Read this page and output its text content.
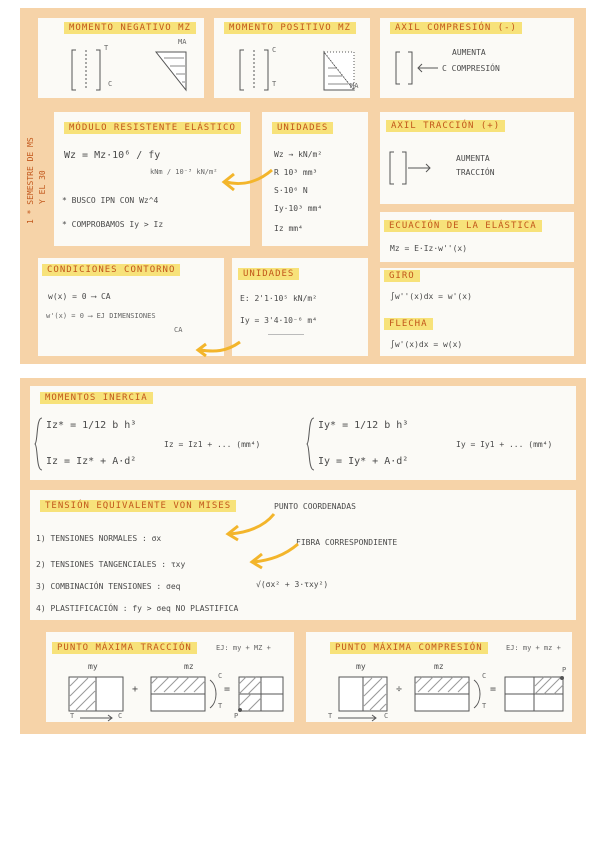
MOMENTO NEGATIVO MZ
T
C
MA
MOMENTO POSITIVO MZ
C
T	MA
AXIL COMPRESIÓN (-)
AUMENTA
C COMPRESIÓN
MÓDULO RESISTENTE ELÁSTICO
Wz = Mz·10⁶ / fy
kNm / 10⁻³ kN/m²
* BUSCO IPN CON Wz^4
* COMPROBAMOS Iy > Iz
1 * SEMESTRE DE MS Y EL 30
UNIDADES
Wz → kN/m²
R 10³ mm³
S·10⁶ N
Iy·10³ mm⁴
Iz mm⁴
AXIL TRACCIÓN (+)
AUMENTA
TRACCIÓN
ECUACIÓN DE LA ELÁSTICA
Mz = E·Iz·w''(x)
CONDICIONES CONTORNO
w(x) = 0 ⟶ CA
w'(x) = 0 ⟶ EJ DIMENSIONES
CA
UNIDADES
E: 2'1·10⁵ kN/m²
Iy = 3'4·10⁻⁶ m⁴
GIRO
∫w''(x)dx = w'(x)
FLECHA
∫w'(x)dx = w(x)
MOMENTOS INERCIA
Iz* = 1/12 b h³
Iz = Iz* + A·d²
Iz = Iz1 + ... (mm⁴)
Iy* = 1/12 b h³
Iy = Iy* + A·d²
Iy = Iy1 + ... (mm⁴)
TENSIÓN EQUIVALENTE VON MISES	PUNTO COORDENADAS
FIBRA CORRESPONDIENTE
1) TENSIONES NORMALES : σx
2) TENSIONES TANGENCIALES : τxy
3) COMBINACIÓN TENSIONES : σeq	√(σx² + 3·τxy²)
4) PLASTIFICACIÓN : fy > σeq NO PLASTIFICA
PUNTO MÁXIMA TRACCIÓN	EJ: my + MZ +
my	mz
+
C
T
=
P
T	C
PUNTO MÁXIMA COMPRESIÓN	EJ: my + mz +
my	mz
÷
C
T
=
P
T	C
